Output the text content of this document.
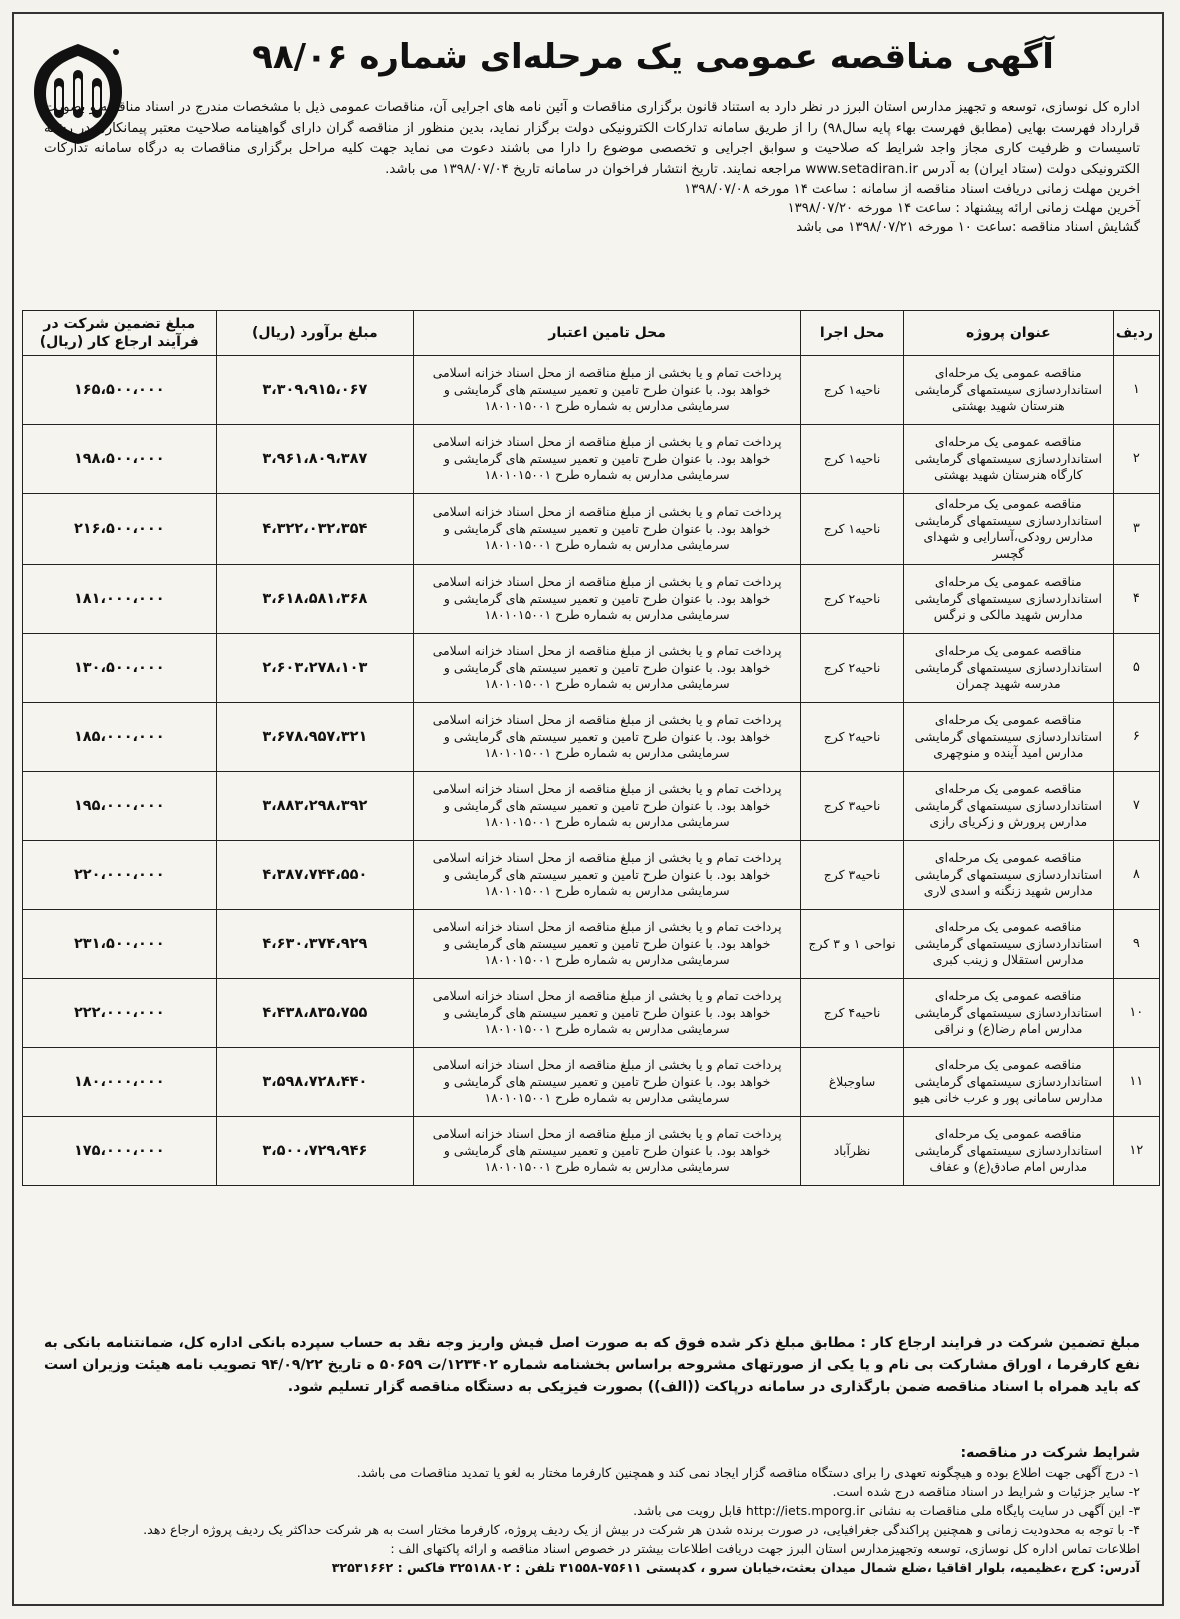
آگهی مناقصه عمومی یک مرحله‌ای شماره ۹۸/۰۶

اداره کل نوسازی، توسعه و تجهیز مدارس استان البرز در نظر دارد به استناد قانون برگزاری مناقصات و آئین نامه های اجرایی آن، مناقصات عمومی ذیل با مشخصات مندرج در اسناد مناقصه و بصورت قرارداد فهرست بهایی (مطابق فهرست بهاء پایه سال۹۸) را از طریق سامانه تدارکات الکترونیکی دولت برگزار نماید، بدین منظور از مناقصه گران دارای گواهینامه صلاحیت معتبر پیمانکاری در رشته تاسیسات و ظرفیت کاری مجاز واجد شرایط که صلاحیت و سوابق اجرایی و تخصصی موضوع را دارا می باشند دعوت می نماید جهت کلیه مراحل برگزاری مناقصات به درگاه سامانه تدارکات الکترونیکی دولت (ستاد ایران) به آدرس www.setadiran.ir مراجعه نمایند. تاریخ انتشار فراخوان در سامانه تاریخ ۱۳۹۸/۰۷/۰۴ می باشد.

اخرین مهلت زمانی دریافت اسناد مناقصه از سامانه : ساعت ۱۴ مورخه ۱۳۹۸/۰۷/۰۸

آخرین مهلت زمانی ارائه پیشنهاد : ساعت ۱۴ مورخه ۱۳۹۸/۰۷/۲۰

گشایش اسناد مناقصه :ساعت ۱۰ مورخه ۱۳۹۸/۰۷/۲۱ می باشد

ردیف	عنوان پروژه	محل اجرا	محل تامین اعتبار	مبلغ برآورد (ریال)	مبلغ تضمین شرکت در فرآیند ارجاع کار (ریال)
۱	مناقصه عمومی یک مرحله‌ای استانداردسازی سیستمهای گرمایشی هنرستان شهید بهشتی	ناحیه۱ کرج	پرداخت تمام و یا بخشی از مبلغ مناقصه از محل اسناد خزانه اسلامی خواهد بود. با عنوان طرح تامین و تعمیر سیستم های گرمایشی و سرمایشی مدارس به شماره طرح ۱۸۰۱۰۱۵۰۰۱	۳،۳۰۹،۹۱۵،۰۶۷	۱۶۵،۵۰۰،۰۰۰
۲	مناقصه عمومی یک مرحله‌ای استانداردسازی سیستمهای گرمایشی کارگاه هنرستان شهید بهشتی	ناحیه۱ کرج	پرداخت تمام و یا بخشی از مبلغ مناقصه از محل اسناد خزانه اسلامی خواهد بود. با عنوان طرح تامین و تعمیر سیستم های گرمایشی و سرمایشی مدارس به شماره طرح ۱۸۰۱۰۱۵۰۰۱	۳،۹۶۱،۸۰۹،۳۸۷	۱۹۸،۵۰۰،۰۰۰
۳	مناقصه عمومی یک مرحله‌ای استانداردسازی سیستمهای گرمایشی مدارس رودکی،آسارایی و شهدای گچسر	ناحیه۱ کرج	پرداخت تمام و یا بخشی از مبلغ مناقصه از محل اسناد خزانه اسلامی خواهد بود. با عنوان طرح تامین و تعمیر سیستم های گرمایشی و سرمایشی مدارس به شماره طرح ۱۸۰۱۰۱۵۰۰۱	۴،۳۲۲،۰۳۲،۳۵۴	۲۱۶،۵۰۰،۰۰۰
۴	مناقصه عمومی یک مرحله‌ای استانداردسازی سیستمهای گرمایشی مدارس شهید مالکی و نرگس	ناحیه۲ کرج	پرداخت تمام و یا بخشی از مبلغ مناقصه از محل اسناد خزانه اسلامی خواهد بود. با عنوان طرح تامین و تعمیر سیستم های گرمایشی و سرمایشی مدارس به شماره طرح ۱۸۰۱۰۱۵۰۰۱	۳،۶۱۸،۵۸۱،۳۶۸	۱۸۱،۰۰۰،۰۰۰
۵	مناقصه عمومی یک مرحله‌ای استانداردسازی سیستمهای گرمایشی مدرسه شهید چمران	ناحیه۲ کرج	پرداخت تمام و یا بخشی از مبلغ مناقصه از محل اسناد خزانه اسلامی خواهد بود. با عنوان طرح تامین و تعمیر سیستم های گرمایشی و سرمایشی مدارس به شماره طرح ۱۸۰۱۰۱۵۰۰۱	۲،۶۰۳،۲۷۸،۱۰۳	۱۳۰،۵۰۰،۰۰۰
۶	مناقصه عمومی یک مرحله‌ای استانداردسازی سیستمهای گرمایشی مدارس امید آینده و منوچهری	ناحیه۲ کرج	پرداخت تمام و یا بخشی از مبلغ مناقصه از محل اسناد خزانه اسلامی خواهد بود. با عنوان طرح تامین و تعمیر سیستم های گرمایشی و سرمایشی مدارس به شماره طرح ۱۸۰۱۰۱۵۰۰۱	۳،۶۷۸،۹۵۷،۳۲۱	۱۸۵،۰۰۰،۰۰۰
۷	مناقصه عمومی یک مرحله‌ای استانداردسازی سیستمهای گرمایشی مدارس پرورش و زکریای رازی	ناحیه۳ کرج	پرداخت تمام و یا بخشی از مبلغ مناقصه از محل اسناد خزانه اسلامی خواهد بود. با عنوان طرح تامین و تعمیر سیستم های گرمایشی و سرمایشی مدارس به شماره طرح ۱۸۰۱۰۱۵۰۰۱	۳،۸۸۳،۲۹۸،۳۹۲	۱۹۵،۰۰۰،۰۰۰
۸	مناقصه عمومی یک مرحله‌ای استانداردسازی سیستمهای گرمایشی مدارس شهید زنگنه و اسدی لاری	ناحیه۳ کرج	پرداخت تمام و یا بخشی از مبلغ مناقصه از محل اسناد خزانه اسلامی خواهد بود. با عنوان طرح تامین و تعمیر سیستم های گرمایشی و سرمایشی مدارس به شماره طرح ۱۸۰۱۰۱۵۰۰۱	۴،۳۸۷،۷۴۴،۵۵۰	۲۲۰،۰۰۰،۰۰۰
۹	مناقصه عمومی یک مرحله‌ای استانداردسازی سیستمهای گرمایشی مدارس استقلال و زینب کبری	نواحی ۱ و ۳ کرج	پرداخت تمام و یا بخشی از مبلغ مناقصه از محل اسناد خزانه اسلامی خواهد بود. با عنوان طرح تامین و تعمیر سیستم های گرمایشی و سرمایشی مدارس به شماره طرح ۱۸۰۱۰۱۵۰۰۱	۴،۶۳۰،۳۷۴،۹۲۹	۲۳۱،۵۰۰،۰۰۰
۱۰	مناقصه عمومی یک مرحله‌ای استانداردسازی سیستمهای گرمایشی مدارس امام رضا(ع) و نراقی	ناحیه۴ کرج	پرداخت تمام و یا بخشی از مبلغ مناقصه از محل اسناد خزانه اسلامی خواهد بود. با عنوان طرح تامین و تعمیر سیستم های گرمایشی و سرمایشی مدارس به شماره طرح ۱۸۰۱۰۱۵۰۰۱	۴،۴۳۸،۸۳۵،۷۵۵	۲۲۲،۰۰۰،۰۰۰
۱۱	مناقصه عمومی یک مرحله‌ای استانداردسازی سیستمهای گرمایشی مدارس سامانی پور و عرب خانی هیو	ساوجبلاغ	پرداخت تمام و یا بخشی از مبلغ مناقصه از محل اسناد خزانه اسلامی خواهد بود. با عنوان طرح تامین و تعمیر سیستم های گرمایشی و سرمایشی مدارس به شماره طرح ۱۸۰۱۰۱۵۰۰۱	۳،۵۹۸،۷۲۸،۴۴۰	۱۸۰،۰۰۰،۰۰۰
۱۲	مناقصه عمومی یک مرحله‌ای استانداردسازی سیستمهای گرمایشی مدارس امام صادق(ع) و عفاف	نظرآباد	پرداخت تمام و یا بخشی از مبلغ مناقصه از محل اسناد خزانه اسلامی خواهد بود. با عنوان طرح تامین و تعمیر سیستم های گرمایشی و سرمایشی مدارس به شماره طرح ۱۸۰۱۰۱۵۰۰۱	۳،۵۰۰،۷۲۹،۹۴۶	۱۷۵،۰۰۰،۰۰۰

مبلغ تضمین شرکت در فرایند ارجاع کار : مطابق مبلغ ذکر شده فوق که به صورت اصل فیش واریز وجه نقد به حساب سپرده بانکی اداره کل، ضمانتنامه بانکی به نفع کارفرما ، اوراق مشارکت بی نام و یا یکی از صورتهای مشروحه براساس بخشنامه شماره ۱۲۳۴۰۲/ت ۵۰۶۵۹ ه تاریخ ۹۴/۰۹/۲۲ تصویب نامه هیئت وزیران است که باید همراه با اسناد مناقصه ضمن بارگذاری در سامانه درپاکت ((الف)) بصورت فیزیکی به دستگاه مناقصه گزار تسلیم شود.

شرایط شرکت در مناقصه:

۱- درج آگهی جهت اطلاع بوده و هیچگونه تعهدی را برای دستگاه مناقصه گزار ایجاد نمی کند و همچنین کارفرما مختار به لغو یا تمدید مناقصات می باشد.

۲- سایر جزئیات و شرایط در اسناد مناقصه درج شده است.

۳- این آگهی در سایت پایگاه ملی مناقصات به نشانی http://iets.mporg.ir قابل رویت می باشد.

۴- با توجه به محدودیت زمانی و همچنین پراکندگی جغرافیایی، در صورت برنده شدن هر شرکت در بیش از یک ردیف پروژه، کارفرما مختار است به هر شرکت حداکثر یک ردیف پروژه ارجاع دهد.

اطلاعات تماس اداره کل نوسازی، توسعه وتجهیزمدارس استان البرز جهت دریافت اطلاعات بیشتر در خصوص اسناد مناقصه و ارائه پاکتهای الف :

آدرس: کرج ،عظیمیه، بلوار اقاقیا ،ضلع شمال میدان بعثت،خیابان سرو ، کدپستی ۷۵۶۱۱-۳۱۵۵۸ تلفن : ۳۲۵۱۸۸۰۲ فاکس : ۳۲۵۳۱۶۶۲
